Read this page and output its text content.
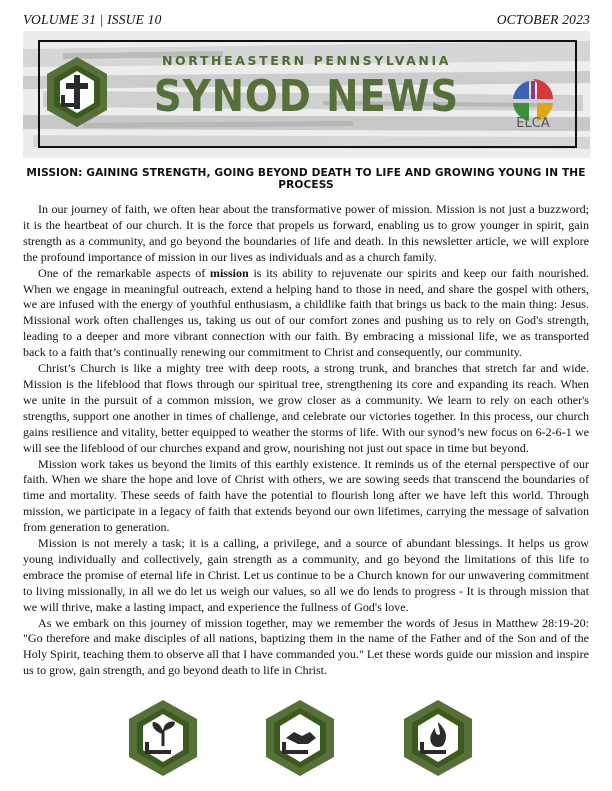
VOLUME 31 | ISSUE 10	OCTOBER 2023
NORTHEASTERN PENNSYLVANIA
SYNOD NEWS
ELCA
MISSION: GAINING STRENGTH, GOING BEYOND DEATH TO LIFE AND GROWING YOUNG IN THE PROCESS

In our journey of faith, we often hear about the transformative power of mission. Mission is not just a buzzword; it is the heartbeat of our church. It is the force that propels us forward, enabling us to grow younger in spirit, gain strength as a community, and go beyond the boundaries of life and death. In this newsletter article, we will explore the profound importance of mission in our lives as individuals and as a church family.

One of the remarkable aspects of mission is its ability to rejuvenate our spirits and keep our faith nourished. When we engage in meaningful outreach, extend a helping hand to those in need, and share the gospel with others, we are infused with the energy of youthful enthusiasm, a childlike faith that brings us back to the main thing: Jesus. Missional work often challenges us, taking us out of our comfort zones and pushing us to rely on God's strength, leading to a deeper and more vibrant connection with our faith. By embracing a missional life, we as transported back to a faith that’s continually renewing our commitment to Christ and consequently, our community.

Christ’s Church is like a mighty tree with deep roots, a strong trunk, and branches that stretch far and wide. Mission is the lifeblood that flows through our spiritual tree, strengthening its core and expanding its reach. When we unite in the pursuit of a common mission, we grow closer as a community. We learn to rely on each other's strengths, support one another in times of challenge, and celebrate our victories together. In this process, our church gains resilience and vitality, better equipped to weather the storms of life. With our synod’s new focus on 6-2-6-1 we will see the lifeblood of our churches expand and grow, nourishing not just out space in time but beyond.

Mission work takes us beyond the limits of this earthly existence. It reminds us of the eternal perspective of our faith. When we share the hope and love of Christ with others, we are sowing seeds that transcend the boundaries of time and mortality. These seeds of faith have the potential to flourish long after we have left this world. Through mission, we participate in a legacy of faith that extends beyond our own lifetimes, carrying the message of salvation from generation to generation.

Mission is not merely a task; it is a calling, a privilege, and a source of abundant blessings. It helps us grow young individually and collectively, gain strength as a community, and go beyond the limitations of this life to embrace the promise of eternal life in Christ. Let us continue to be a Church known for our unwavering commitment to living missionally, in all we do let us weigh our values, so all we do lends to progress - It is through mission that we will thrive, make a lasting impact, and experience the fullness of God's love.

As we embark on this journey of mission together, may we remember the words of Jesus in Matthew 28:19-20: "Go therefore and make disciples of all nations, baptizing them in the name of the Father and of the Son and of the Holy Spirit, teaching them to observe all that I have commanded you." Let these words guide our mission and inspire us to grow, gain strength, and go beyond death to life in Christ.
